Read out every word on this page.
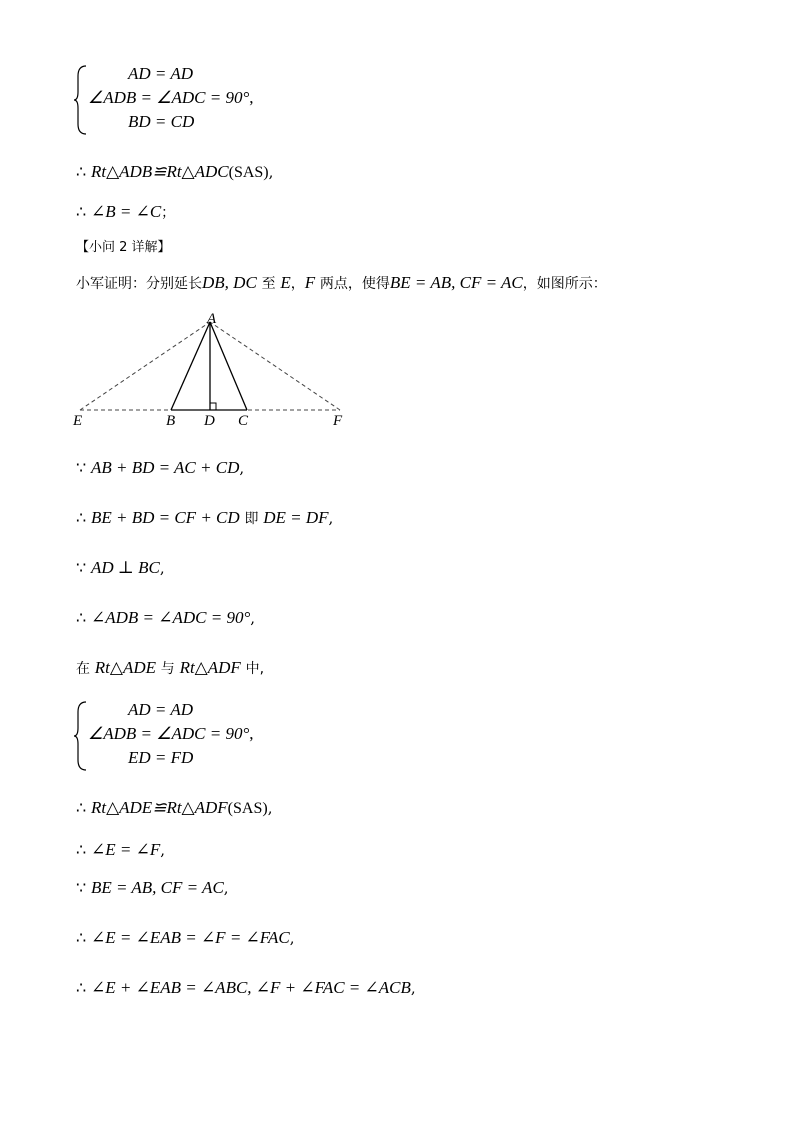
AD = AD
∠ADB = ∠ADC = 90°,
BD = CD
∴ Rt△ADB≌Rt△ADC(SAS),
∴ ∠B = ∠C；
【小问 2 详解】
小军证明：分别延长DB, DC 至 E，F 两点，使得BE = AB, CF = AC，如图所示：
A
E	B D C	F
∵ AB + BD = AC + CD,
∴ BE + BD = CF + CD 即 DE = DF,
∵ AD ⊥ BC,
∴ ∠ADB = ∠ADC = 90°,
在 Rt△ADE 与 Rt△ADF 中,
AD = AD
∠ADB = ∠ADC = 90°,
ED = FD
∴ Rt△ADE≌Rt△ADF(SAS),
∴ ∠E = ∠F,
∵ BE = AB, CF = AC,
∴ ∠E = ∠EAB = ∠F = ∠FAC,
∴ ∠E + ∠EAB = ∠ABC, ∠F + ∠FAC = ∠ACB,
